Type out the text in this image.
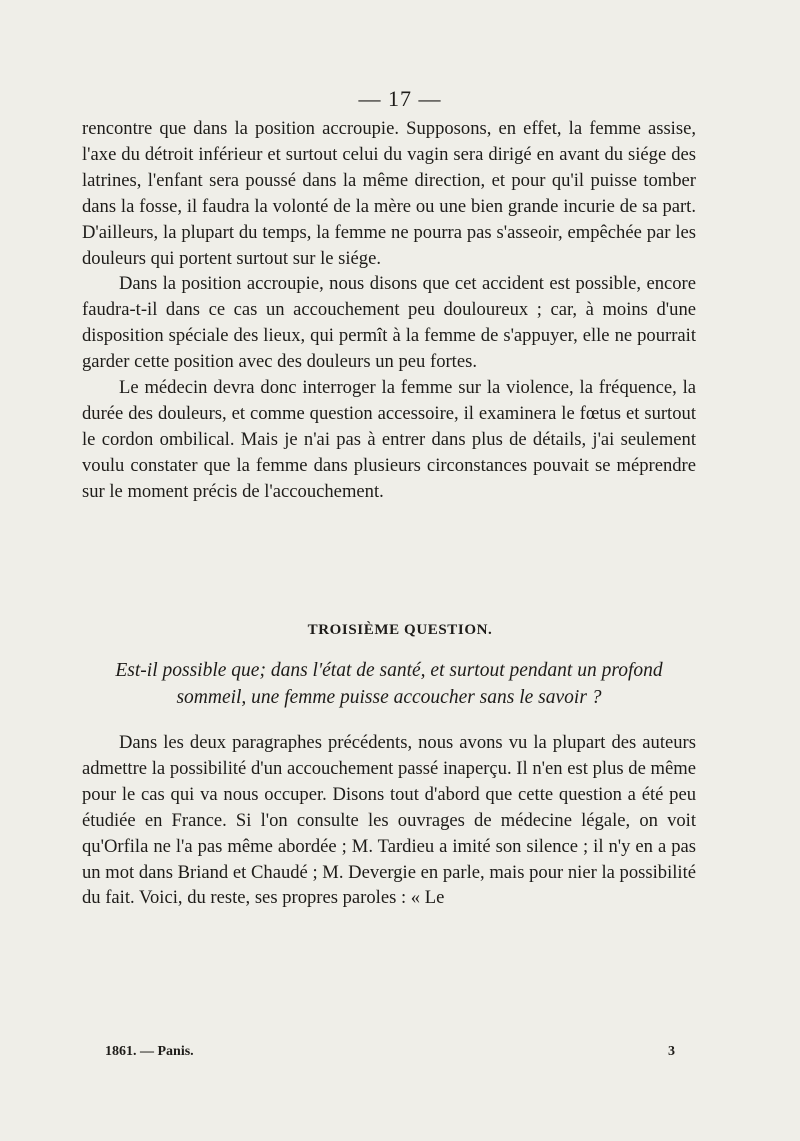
— 17 —

rencontre que dans la position accroupie. Supposons, en effet, la femme assise, l'axe du détroit inférieur et surtout celui du vagin sera dirigé en avant du siége des latrines, l'enfant sera poussé dans la même direction, et pour qu'il puisse tomber dans la fosse, il faudra la volonté de la mère ou une bien grande incurie de sa part. D'ailleurs, la plupart du temps, la femme ne pourra pas s'asseoir, empêchée par les douleurs qui portent surtout sur le siége.

Dans la position accroupie, nous disons que cet accident est possible, encore faudra-t-il dans ce cas un accouchement peu douloureux ; car, à moins d'une disposition spéciale des lieux, qui permît à la femme de s'appuyer, elle ne pourrait garder cette position avec des douleurs un peu fortes.

Le médecin devra donc interroger la femme sur la violence, la fréquence, la durée des douleurs, et comme question accessoire, il examinera le fœtus et surtout le cordon ombilical. Mais je n'ai pas à entrer dans plus de détails, j'ai seulement voulu constater que la femme dans plusieurs circonstances pouvait se méprendre sur le moment précis de l'accouchement.

TROISIÈME QUESTION.
Est-il possible que; dans l'état de santé, et surtout pendant un profond sommeil, une femme puisse accoucher sans le savoir ?

Dans les deux paragraphes précédents, nous avons vu la plupart des auteurs admettre la possibilité d'un accouchement passé inaperçu. Il n'en est plus de même pour le cas qui va nous occuper. Disons tout d'abord que cette question a été peu étudiée en France. Si l'on consulte les ouvrages de médecine légale, on voit qu'Orfila ne l'a pas même abordée ; M. Tardieu a imité son silence ; il n'y en a pas un mot dans Briand et Chaudé ; M. Devergie en parle, mais pour nier la possibilité du fait. Voici, du reste, ses propres paroles : « Le

1861. — Panis.	3
